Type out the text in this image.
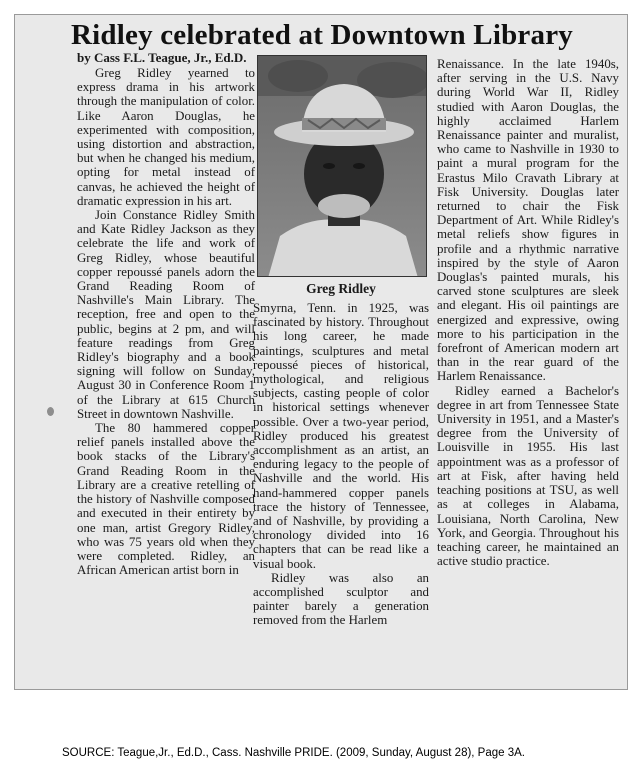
Ridley celebrated at Downtown Library
by Cass F.L. Teague, Jr., Ed.D.

Greg Ridley yearned to express drama in his artwork through the manipulation of color. Like Aaron Douglas, he experimented with composition, using distortion and abstraction, but when he changed his medium, opting for metal instead of canvas, he achieved the height of dramatic expression in his art.

Join Constance Ridley Smith and Kate Ridley Jackson as they celebrate the life and work of Greg Ridley, whose beautiful copper repoussé panels adorn the Grand Reading Room of Nashville's Main Library. The reception, free and open to the public, begins at 2 pm, and will feature readings from Greg Ridley's biography and a book signing will follow on Sunday, August 30 in Conference Room 1 of the Library at 615 Church Street in downtown Nashville.

The 80 hammered copper relief panels installed above the book stacks of the Library's Grand Reading Room in the Library are a creative retelling of the history of Nashville composed and executed in their entirety by one man, artist Gregory Ridley, who was 75 years old when they were completed. Ridley, an African American artist born in

Greg Ridley

Smyrna, Tenn. in 1925, was fascinated by history. Throughout his long career, he made paintings, sculptures and metal repoussé pieces of historical, mythological, and religious subjects, casting people of color in historical settings whenever possible. Over a two-year period, Ridley produced his greatest accomplishment as an artist, an enduring legacy to the people of Nashville and the world. His hand-hammered copper panels trace the history of Tennessee, and of Nashville, by providing a chronology divided into 16 chapters that can be read like a visual book.

Ridley was also an accomplished sculptor and painter barely a generation removed from the Harlem

Renaissance. In the late 1940s, after serving in the U.S. Navy during World War II, Ridley studied with Aaron Douglas, the highly acclaimed Harlem Renaissance painter and muralist, who came to Nashville in 1930 to paint a mural program for the Erastus Milo Cravath Library at Fisk University. Douglas later returned to chair the Fisk Department of Art. While Ridley's metal reliefs show figures in profile and a rhythmic narrative inspired by the style of Aaron Douglas's painted murals, his carved stone sculptures are sleek and elegant. His oil paintings are energized and expressive, owing more to his participation in the forefront of American modern art than in the rear guard of the Harlem Renaissance.

Ridley earned a Bachelor's degree in art from Tennessee State University in 1951, and a Master's degree from the University of Louisville in 1955. His last appointment was as a professor of art at Fisk, after having held teaching positions at TSU, as well as at colleges in Alabama, Louisiana, North Carolina, New York, and Georgia. Throughout his teaching career, he maintained an active studio practice.

SOURCE: Teague,Jr., Ed.D., Cass. Nashville PRIDE. (2009, Sunday, August 28), Page 3A.
